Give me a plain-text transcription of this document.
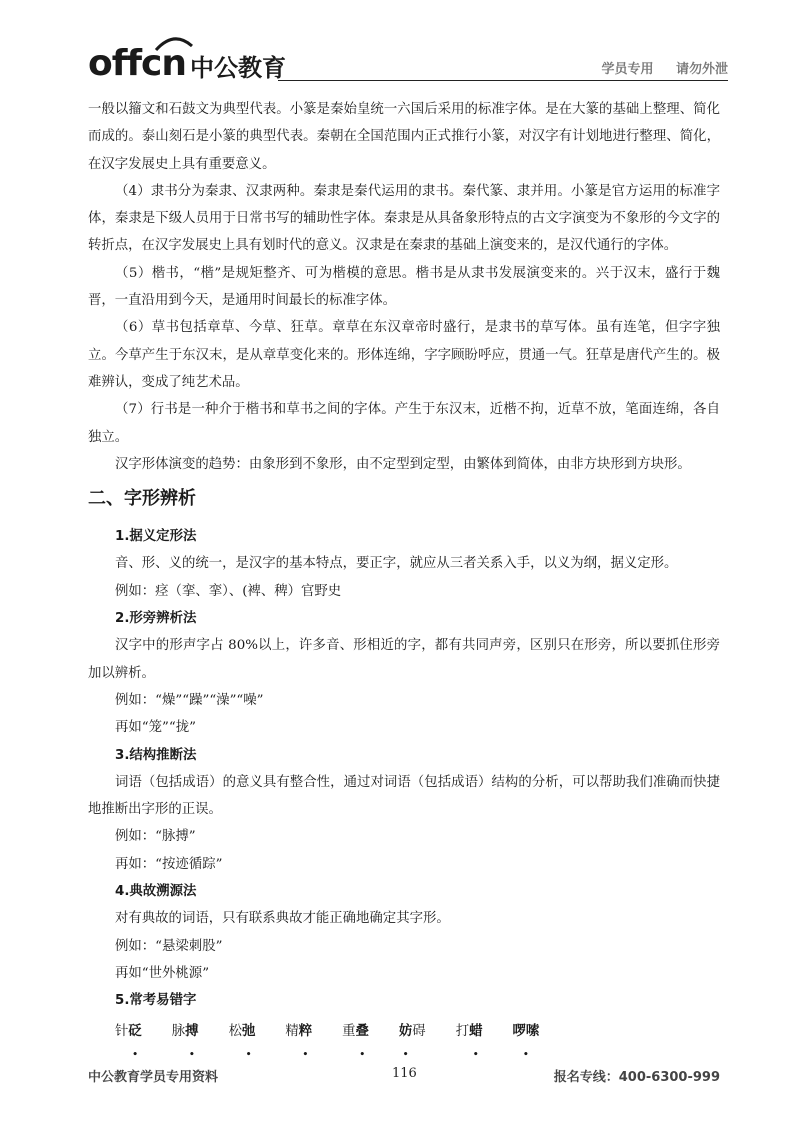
offcn 中公教育	学员专用 请勿外泄

一般以籀文和石鼓文为典型代表。小篆是秦始皇统一六国后采用的标准字体。是在大篆的基础上整理、简化而成的。泰山刻石是小篆的典型代表。秦朝在全国范围内正式推行小篆，对汉字有计划地进行整理、简化，在汉字发展史上具有重要意义。

（4）隶书分为秦隶、汉隶两种。秦隶是秦代运用的隶书。秦代篆、隶并用。小篆是官方运用的标准字体，秦隶是下级人员用于日常书写的辅助性字体。秦隶是从具备象形特点的古文字演变为不象形的今文字的转折点，在汉字发展史上具有划时代的意义。汉隶是在秦隶的基础上演变来的，是汉代通行的字体。

（5）楷书，“楷”是规矩整齐、可为楷模的意思。楷书是从隶书发展演变来的。兴于汉末，盛行于魏晋，一直沿用到今天，是通用时间最长的标准字体。

（6）草书包括章草、今草、狂草。章草在东汉章帝时盛行，是隶书的草写体。虽有连笔，但字字独立。今草产生于东汉末，是从章草变化来的。形体连绵，字字顾盼呼应，贯通一气。狂草是唐代产生的。极难辨认，变成了纯艺术品。

（7）行书是一种介于楷书和草书之间的字体。产生于东汉末，近楷不拘，近草不放，笔面连绵，各自独立。

汉字形体演变的趋势：由象形到不象形，由不定型到定型，由繁体到简体，由非方块形到方块形。

二、字形辨析
1.据义定形法

音、形、义的统一，是汉字的基本特点，要正字，就应从三者关系入手，以义为纲，据义定形。

例如：痉（挛、挛）、(裨、稗）官野史

2.形旁辨析法

汉字中的形声字占 80%以上，许多音、形相近的字，都有共同声旁，区别只在形旁，所以要抓住形旁加以辨析。

例如：“燥”“躁”“澡”“噪”

再如“笼”“拢”

3.结构推断法

词语（包括成语）的意义具有整合性，通过对词语（包括成语）结构的分析，可以帮助我们准确而快捷地推断出字形的正误。

例如：“脉搏”

再如：“按迹循踪”

4.典故溯源法

对有典故的词语，只有联系典故才能正确地确定其字形。

例如：“悬梁刺股”

再如“世外桃源”

5.常考易错字
针 砭 • 脉 搏 • 松 弛 • 精 粹 • 重 叠 • 妨 • 碍 打 蜡 • 啰嗦 •
中公教育学员专用资料	116	报名专线：400-6300-999
